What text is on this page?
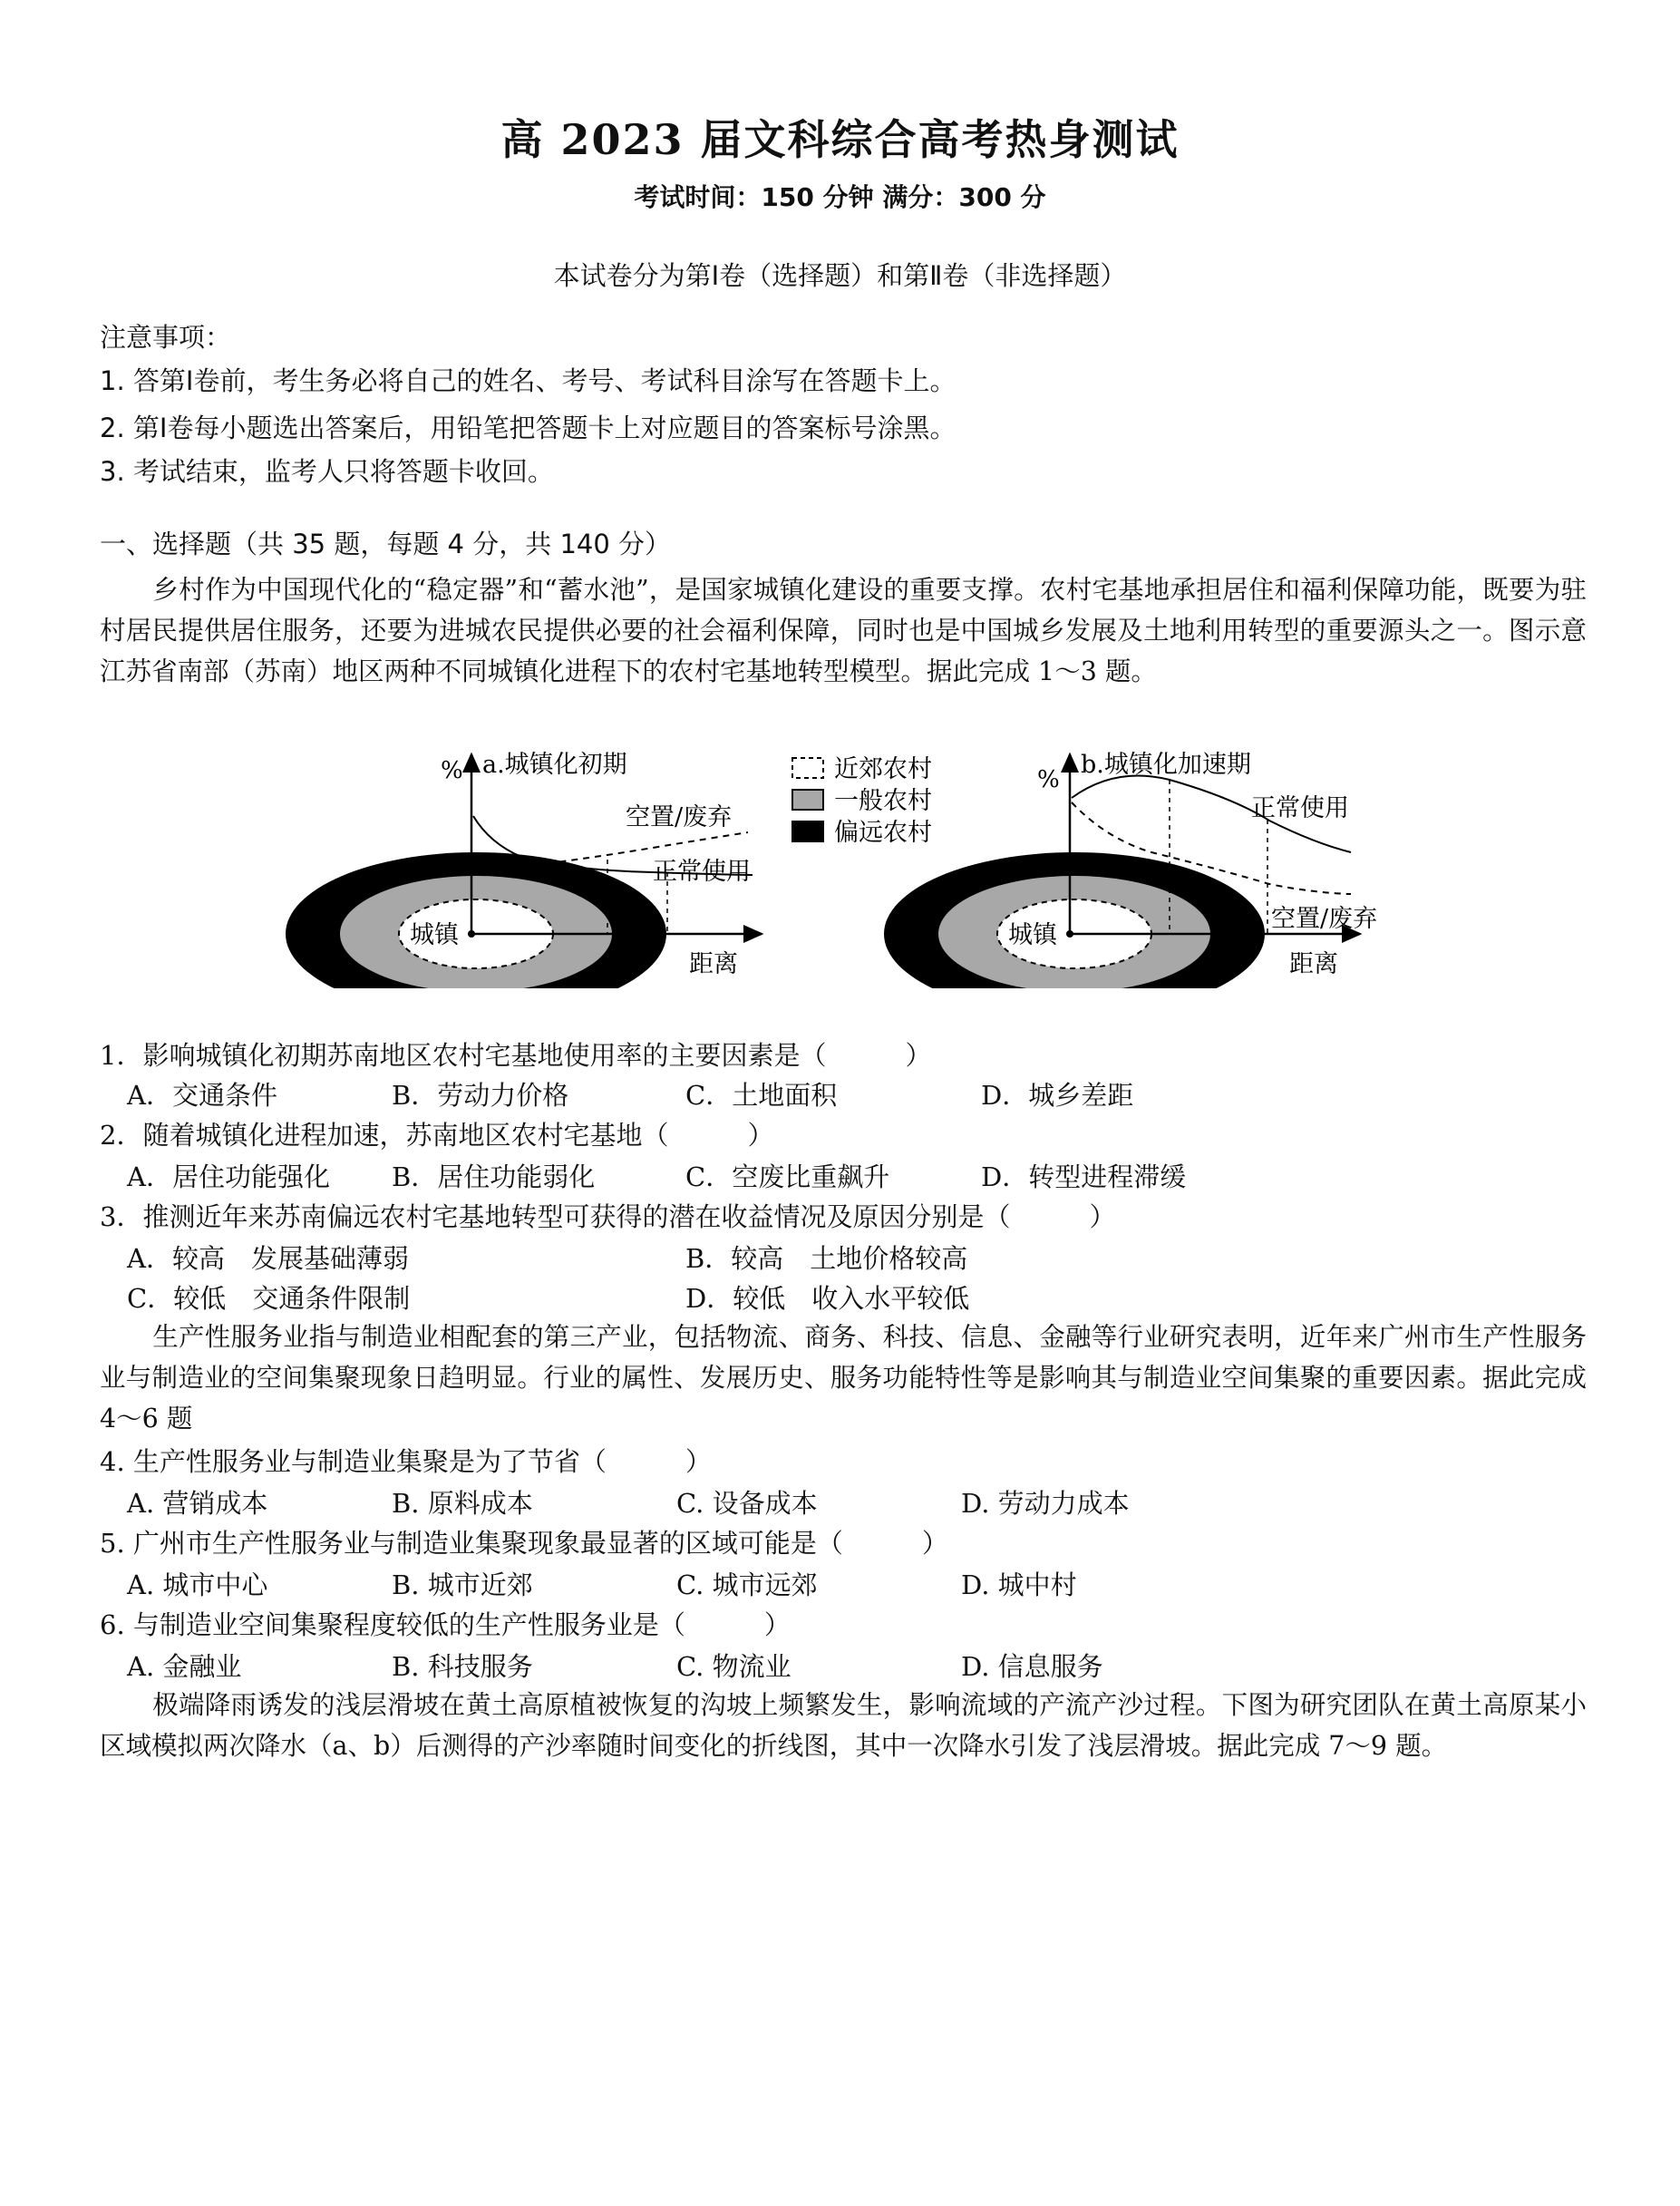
高 2023 届文科综合高考热身测试
考试时间：150 分钟 满分：300 分
本试卷分为第Ⅰ卷（选择题）和第Ⅱ卷（非选择题）
注意事项：
1. 答第Ⅰ卷前，考生务必将自己的姓名、考号、考试科目涂写在答题卡上。
2. 第Ⅰ卷每小题选出答案后，用铅笔把答题卡上对应题目的答案标号涂黑。
3. 考试结束，监考人只将答题卡收回。
一、选择题（共 35 题，每题 4 分，共 140 分）
乡村作为中国现代化的“稳定器”和“蓄水池”，是国家城镇化建设的重要支撑。农村宅基地承担居住和福利保障功能，既要为驻村居民提供居住服务，还要为进城农民提供必要的社会福利保障，同时也是中国城乡发展及土地利用转型的重要源头之一。图示意江苏省南部（苏南）地区两种不同城镇化进程下的农村宅基地转型模型。据此完成 1～3 题。
% a.城镇化初期
空置/废弃
正常使用
城镇
距离
近郊农村
一般农村
偏远农村
%
b.城镇化加速期
正常使用
空置/废弃
城镇
距离
1．影响城镇化初期苏南地区农村宅基地使用率的主要因素是（　　　）
A．交通条件	B．劳动力价格	C．土地面积	D．城乡差距
2．随着城镇化进程加速，苏南地区农村宅基地（　　　）
A．居住功能强化 B．居住功能弱化	C．空废比重飙升	D．转型进程滞缓
3．推测近年来苏南偏远农村宅基地转型可获得的潜在收益情况及原因分别是（　　　）
A．较高　发展基础薄弱	B．较高　土地价格较高
C．较低　交通条件限制	D．较低　收入水平较低
生产性服务业指与制造业相配套的第三产业，包括物流、商务、科技、信息、金融等行业研究表明，近年来广州市生产性服务业与制造业的空间集聚现象日趋明显。行业的属性、发展历史、服务功能特性等是影响其与制造业空间集聚的重要因素。据此完成 4～6 题
4. 生产性服务业与制造业集聚是为了节省（　　　）
A. 营销成本	B. 原料成本	C. 设备成本	D. 劳动力成本
5. 广州市生产性服务业与制造业集聚现象最显著的区域可能是（　　　）
A. 城市中心	B. 城市近郊	C. 城市远郊	D. 城中村
6. 与制造业空间集聚程度较低的生产性服务业是（　　　）
A. 金融业	B. 科技服务	C. 物流业	D. 信息服务
极端降雨诱发的浅层滑坡在黄土高原植被恢复的沟坡上频繁发生，影响流域的产流产沙过程。下图为研究团队在黄土高原某小区域模拟两次降水（a、b）后测得的产沙率随时间变化的折线图，其中一次降水引发了浅层滑坡。据此完成 7～9 题。
